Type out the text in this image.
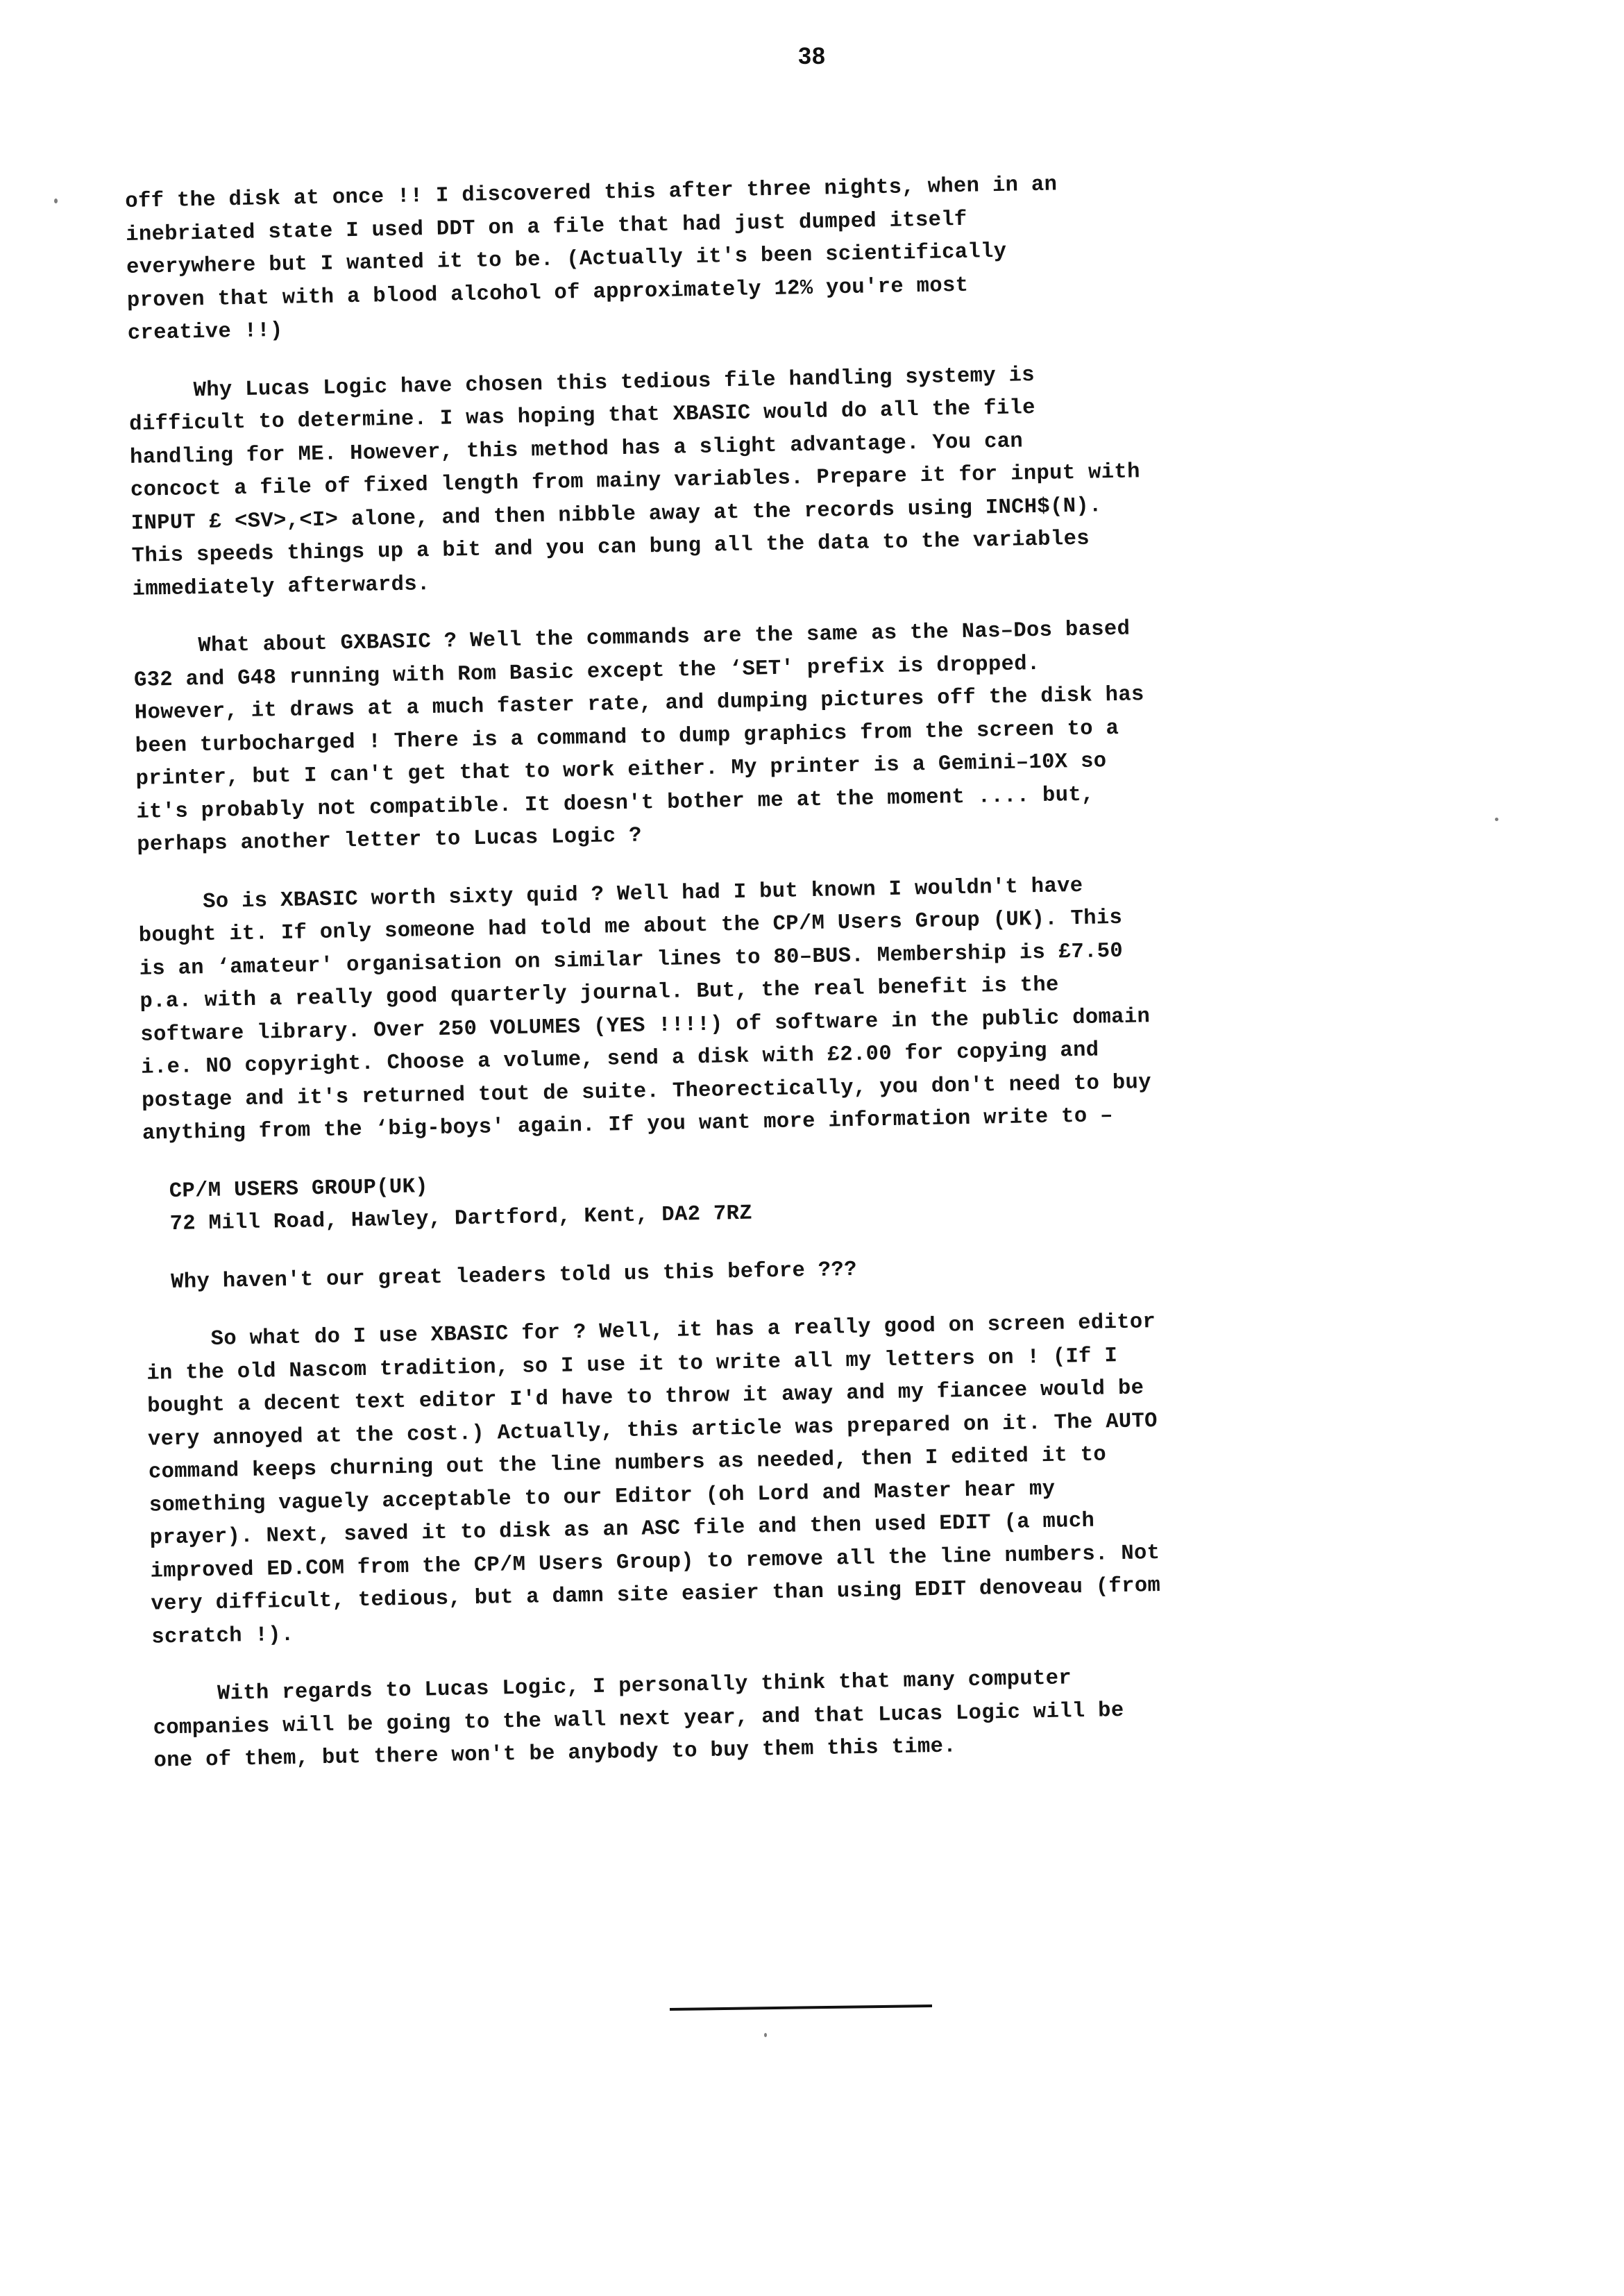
38
off the disk at once !! I discovered this after three nights, when in an
inebriated state I used DDT on a file that had just dumped itself
everywhere but I wanted it to be. (Actually it′s been scientifically
proven that with a blood alcohol of approximately 12% you′re most
creative !!)
Why Lucas Logic have chosen this tedious file handling systemy is
difficult to determine. I was hoping that XBASIC would do all the file
handling for ME. However, this method has a slight advantage. You can
concoct a file of fixed length from mainy variables. Prepare it for input with
INPUT £ <SV>,<I> alone, and then nibble away at the records using INCH$(N).
This speeds things up a bit and you can bung all the data to the variables
immediately afterwards.
What about GXBASIC ? Well the commands are the same as the Nas–Dos based
G32 and G48 running with Rom Basic except the ‘SET′ prefix is dropped.
However, it draws at a much faster rate, and dumping pictures off the disk has
been turbocharged ! There is a command to dump graphics from the screen to a
printer, but I can′t get that to work either. My printer is a Gemini–10X so
it′s probably not compatible. It doesn′t bother me at the moment .... but,
perhaps another letter to Lucas Logic ?
So is XBASIC worth sixty quid ? Well had I but known I wouldn′t have
bought it. If only someone had told me about the CP/M Users Group (UK). This
is an ‘amateur′ organisation on similar lines to 80–BUS. Membership is £7.50
p.a. with a really good quarterly journal. But, the real benefit is the
software library. Over 250 VOLUMES (YES !!!!) of software in the public domain
i.e. NO copyright. Choose a volume, send a disk with £2.00 for copying and
postage and it′s returned tout de suite. Theorectically, you don′t need to buy
anything from the ‘big-boys′ again. If you want more information write to –
CP/M USERS GROUP(UK)
72 Mill Road, Hawley, Dartford, Kent, DA2 7RZ
Why haven′t our great leaders told us this before ???
So what do I use XBASIC for ? Well, it has a really good on screen editor
in the old Nascom tradition, so I use it to write all my letters on ! (If I
bought a decent text editor I′d have to throw it away and my fiancee would be
very annoyed at the cost.) Actually, this article was prepared on it. The AUTO
command keeps churning out the line numbers as needed, then I edited it to
something vaguely acceptable to our Editor (oh Lord and Master hear my
prayer). Next, saved it to disk as an ASC file and then used EDIT (a much
improved ED.COM from the CP/M Users Group) to remove all the line numbers. Not
very difficult, tedious, but a damn site easier than using EDIT denoveau (from
scratch !).
With regards to Lucas Logic, I personally think that many computer
companies will be going to the wall next year, and that Lucas Logic will be
one of them, but there won′t be anybody to buy them this time.
